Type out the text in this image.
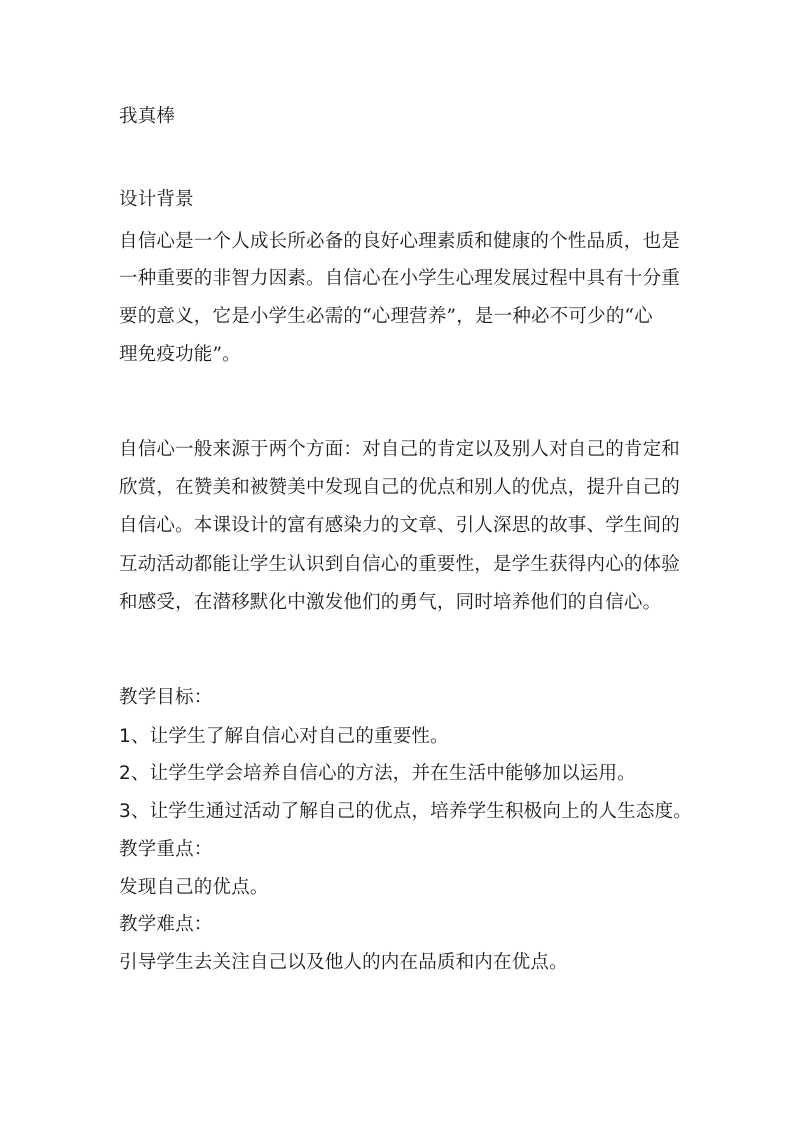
我真棒
设计背景
自信心是一个人成长所必备的良好心理素质和健康的个性品质，也是
一种重要的非智力因素。自信心在小学生心理发展过程中具有十分重
要的意义，它是小学生必需的“心理营养”，是一种必不可少的“心
理免疫功能”。
自信心一般来源于两个方面：对自己的肯定以及别人对自己的肯定和
欣赏，在赞美和被赞美中发现自己的优点和别人的优点，提升自己的
自信心。本课设计的富有感染力的文章、引人深思的故事、学生间的
互动活动都能让学生认识到自信心的重要性，是学生获得内心的体验
和感受，在潜移默化中激发他们的勇气，同时培养他们的自信心。
教学目标：
1、让学生了解自信心对自己的重要性。
2、让学生学会培养自信心的方法，并在生活中能够加以运用。
3、让学生通过活动了解自己的优点，培养学生积极向上的人生态度。
教学重点：
发现自己的优点。
教学难点：
引导学生去关注自己以及他人的内在品质和内在优点。
